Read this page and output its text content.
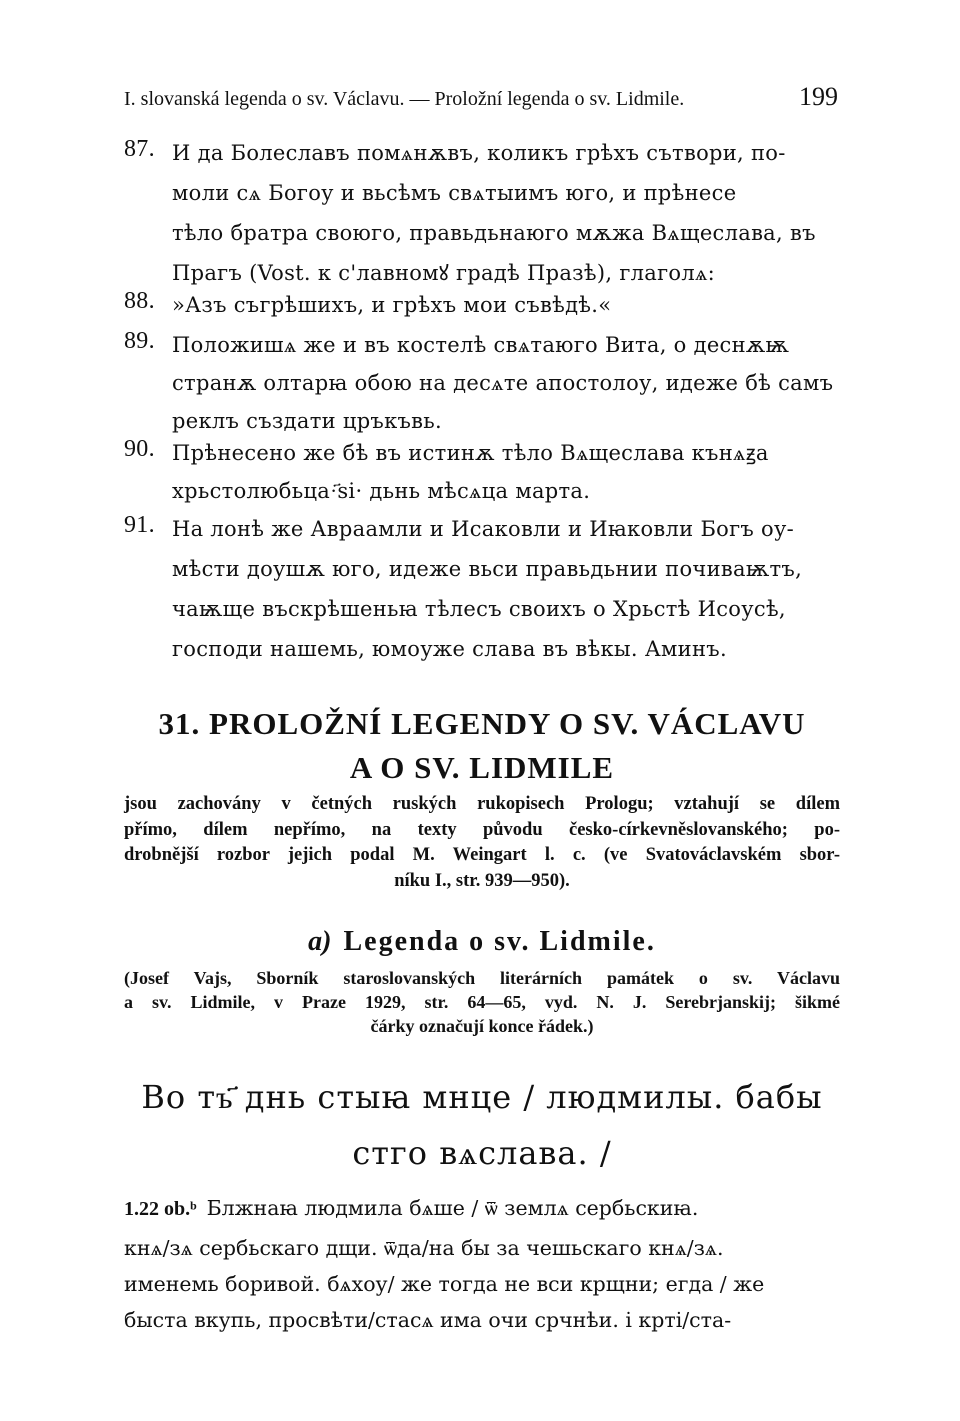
I. slovanská legenda o sv. Václavu. — Proložní legenda o sv. Lidmile.	199
87. И да Болеславъ помѧнѫвъ, коликъ грѣхъ сътвори, по-
моли сѧ Богоу и вьсѣмъ свѧтыимъ юго, и прѣнесе
тѣло братра своюго, правьдьнаюго мѫжа Вѧщеслава, въ
Прагъ (Vost. к с'лавномꙋ градѣ Празѣ), глаголѧ:
88. »Азъ съгрѣшихъ, и грѣхъ мои съвѣдѣ.«
89. Положишѧ же и въ костелѣ свѧтаюго Вита, о деснѫѭ
странѫ олтарꙗ обою на десѧте апостолоу, идеже бѣ самъ
реклъ създати цръкъвь.
90. Прѣнесено же бѣ въ истинѫ тѣло Вѧщеслава кънѧꙃа
хрьстолюбьца·҃ѕі· дьнь мѣсѧца марта.
91. На лонѣ же Авраамли и Исаковли и Иꙗковли Богъ оу-
мѣсти доушѫ юго, идеже вьси правьдьнии почиваѭтъ,
чаѭще въскрѣшеньꙗ тѣлесъ своихъ о Хрьстѣ Исоусѣ,
господи нашемь, юмоуже слава въ вѣкы. Аминъ.
31. PROLOŽNÍ LEGENDY O SV. VÁCLAVU
A O SV. LIDMILE
jsou zachovány v četných ruských rukopisech Prologu; vztahují se dílem
přímo, dílem nepřímo, na texty původu česko-církevněslovanského; po-
drobnější rozbor jejich podal M. Weingart l. c. (ve Svatováclavském sbor-
níku I., str. 939—950).
a) Legenda o sv. Lidmile.
(Josef Vajs, Sborník staroslovanských literárních památek o sv. Václavu
a sv. Lidmile, v Praze 1929, str. 64—65, vyd. N. J. Serebrjanskij; šikmé
čárky označují konce řádek.)
Во тъ҃ днь стыꙗ мнце / людмилы. бабы
стго вѧслава. /
1.22 ob.ᵇ Блжнаꙗ людмила бѧше / ѿ землѧ сербьскиꙗ.
кнѧ/зѧ сербьскаго дщи. ѿда/на бы за чешьскаго кнѧ/зѧ.
именемь боривой. бѧхоу/ же тогда не вси крщни; егда / же
быста вкупь, просвѣти/стасѧ има очи срчнѣи. і крті/ста-
